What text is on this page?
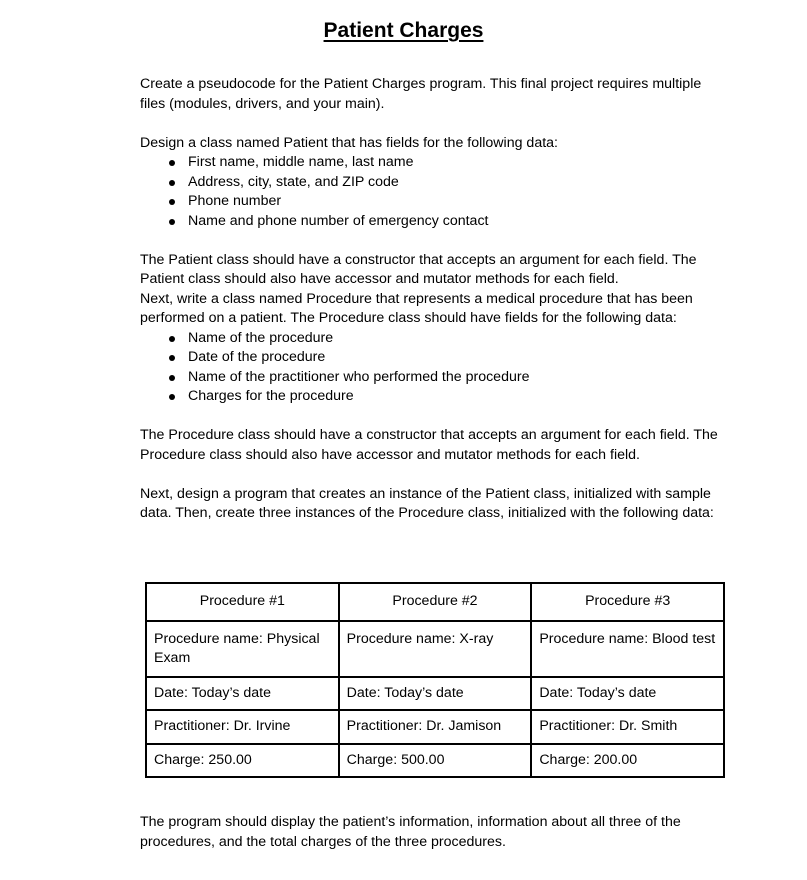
Patient Charges

Create a pseudocode for the Patient Charges program. This final project requires multiple files (modules, drivers, and your main).

Design a class named Patient that has fields for the following data:

First name, middle name, last name
Address, city, state, and ZIP code
Phone number
Name and phone number of emergency contact

The Patient class should have a constructor that accepts an argument for each field. The Patient class should also have accessor and mutator methods for each field.

Next, write a class named Procedure that represents a medical procedure that has been performed on a patient. The Procedure class should have fields for the following data:

Name of the procedure
Date of the procedure
Name of the practitioner who performed the procedure
Charges for the procedure

The Procedure class should have a constructor that accepts an argument for each field. The Procedure class should also have accessor and mutator methods for each field.

Next, design a program that creates an instance of the Patient class, initialized with sample data. Then, create three instances of the Procedure class, initialized with the following data:

Procedure #1	Procedure #2	Procedure #3
Procedure name: Physical Exam	Procedure name: X-ray	Procedure name: Blood test
Date: Today’s date	Date: Today’s date	Date: Today’s date
Practitioner: Dr. Irvine	Practitioner: Dr. Jamison	Practitioner: Dr. Smith
Charge: 250.00	Charge: 500.00	Charge: 200.00

The program should display the patient’s information, information about all three of the procedures, and the total charges of the three procedures.
